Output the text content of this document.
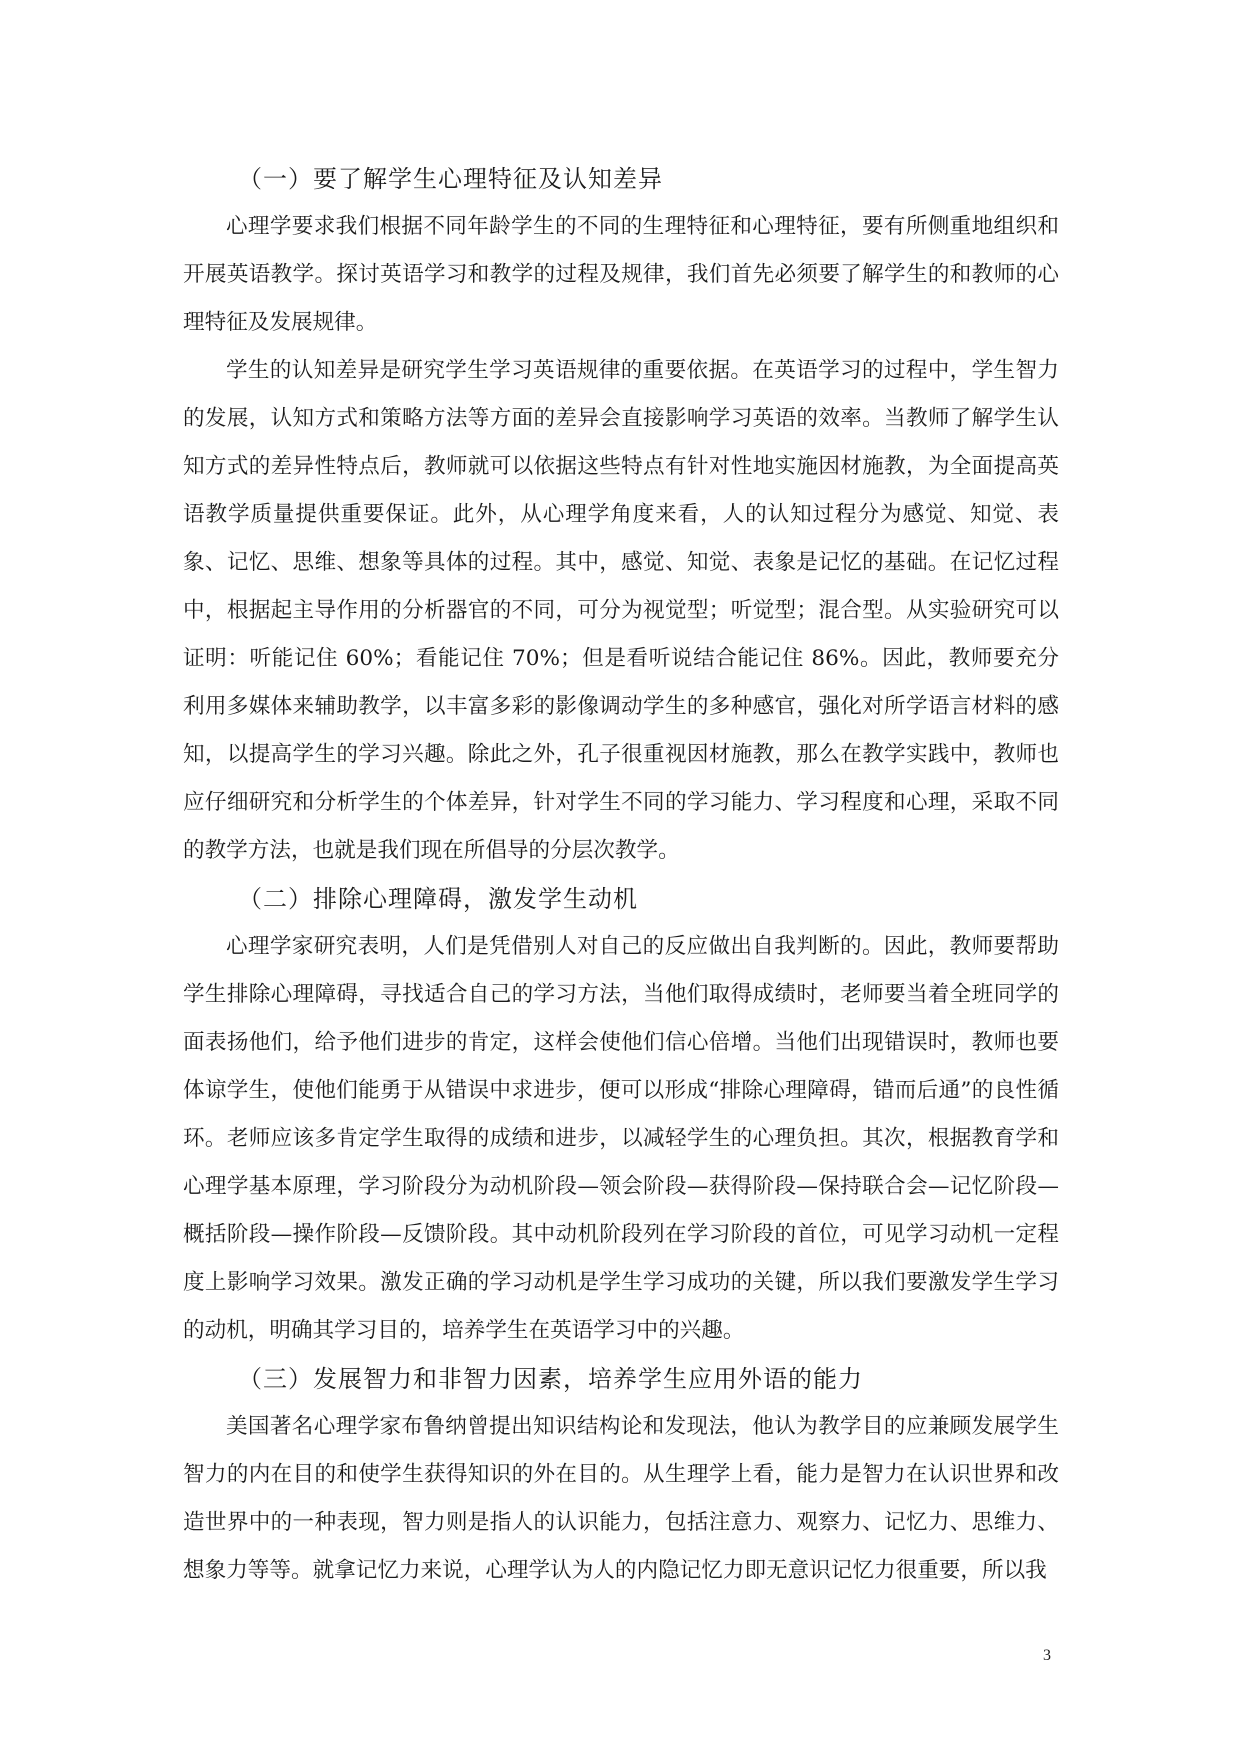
（一）要了解学生心理特征及认知差异

心理学要求我们根据不同年龄学生的不同的生理特征和心理特征，要有所侧重地组织和开展英语教学。探讨英语学习和教学的过程及规律，我们首先必须要了解学生的和教师的心理特征及发展规律。

学生的认知差异是研究学生学习英语规律的重要依据。在英语学习的过程中，学生智力的发展，认知方式和策略方法等方面的差异会直接影响学习英语的效率。当教师了解学生认知方式的差异性特点后，教师就可以依据这些特点有针对性地实施因材施教，为全面提高英语教学质量提供重要保证。此外，从心理学角度来看，人的认知过程分为感觉、知觉、表象、记忆、思维、想象等具体的过程。其中，感觉、知觉、表象是记忆的基础。在记忆过程中，根据起主导作用的分析器官的不同，可分为视觉型；听觉型；混合型。从实验研究可以证明：听能记住 60%；看能记住 70%；但是看听说结合能记住 86%。因此，教师要充分利用多媒体来辅助教学，以丰富多彩的影像调动学生的多种感官，强化对所学语言材料的感知，以提高学生的学习兴趣。除此之外，孔子很重视因材施教，那么在教学实践中，教师也应仔细研究和分析学生的个体差异，针对学生不同的学习能力、学习程度和心理，采取不同的教学方法，也就是我们现在所倡导的分层次教学。

（二）排除心理障碍，激发学生动机

心理学家研究表明，人们是凭借别人对自己的反应做出自我判断的。因此，教师要帮助学生排除心理障碍，寻找适合自己的学习方法，当他们取得成绩时，老师要当着全班同学的面表扬他们，给予他们进步的肯定，这样会使他们信心倍增。当他们出现错误时，教师也要体谅学生，使他们能勇于从错误中求进步，便可以形成“排除心理障碍，错而后通”的良性循环。老师应该多肯定学生取得的成绩和进步，以减轻学生的心理负担。其次，根据教育学和心理学基本原理，学习阶段分为动机阶段—领会阶段—获得阶段—保持联合会—记忆阶段—概括阶段—操作阶段—反馈阶段。其中动机阶段列在学习阶段的首位，可见学习动机一定程度上影响学习效果。激发正确的学习动机是学生学习成功的关键，所以我们要激发学生学习的动机，明确其学习目的，培养学生在英语学习中的兴趣。

（三）发展智力和非智力因素，培养学生应用外语的能力

美国著名心理学家布鲁纳曾提出知识结构论和发现法，他认为教学目的应兼顾发展学生智力的内在目的和使学生获得知识的外在目的。从生理学上看，能力是智力在认识世界和改造世界中的一种表现，智力则是指人的认识能力，包括注意力、观察力、记忆力、思维力、想象力等等。就拿记忆力来说，心理学认为人的内隐记忆力即无意识记忆力很重要，所以我

3
